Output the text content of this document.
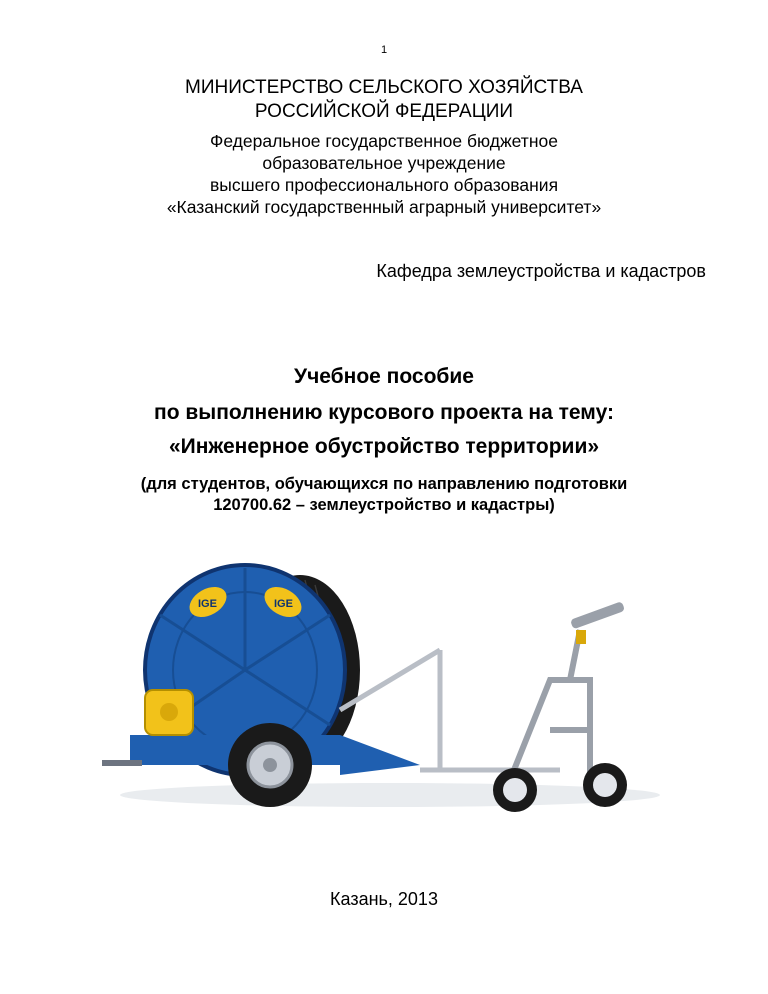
1
МИНИСТЕРСТВО СЕЛЬСКОГО ХОЗЯЙСТВА
РОССИЙСКОЙ ФЕДЕРАЦИИ
Федеральное государственное бюджетное
образовательное учреждение
высшего профессионального образования
«Казанский государственный аграрный университет»
Кафедра землеустройства и кадастров
Учебное пособие
по выполнению курсового проекта на тему:
«Инженерное обустройство территории»
(для студентов, обучающихся по направлению подготовки
120700.62 – землеустройство и кадастры)
IGE	IGE
Казань, 2013
